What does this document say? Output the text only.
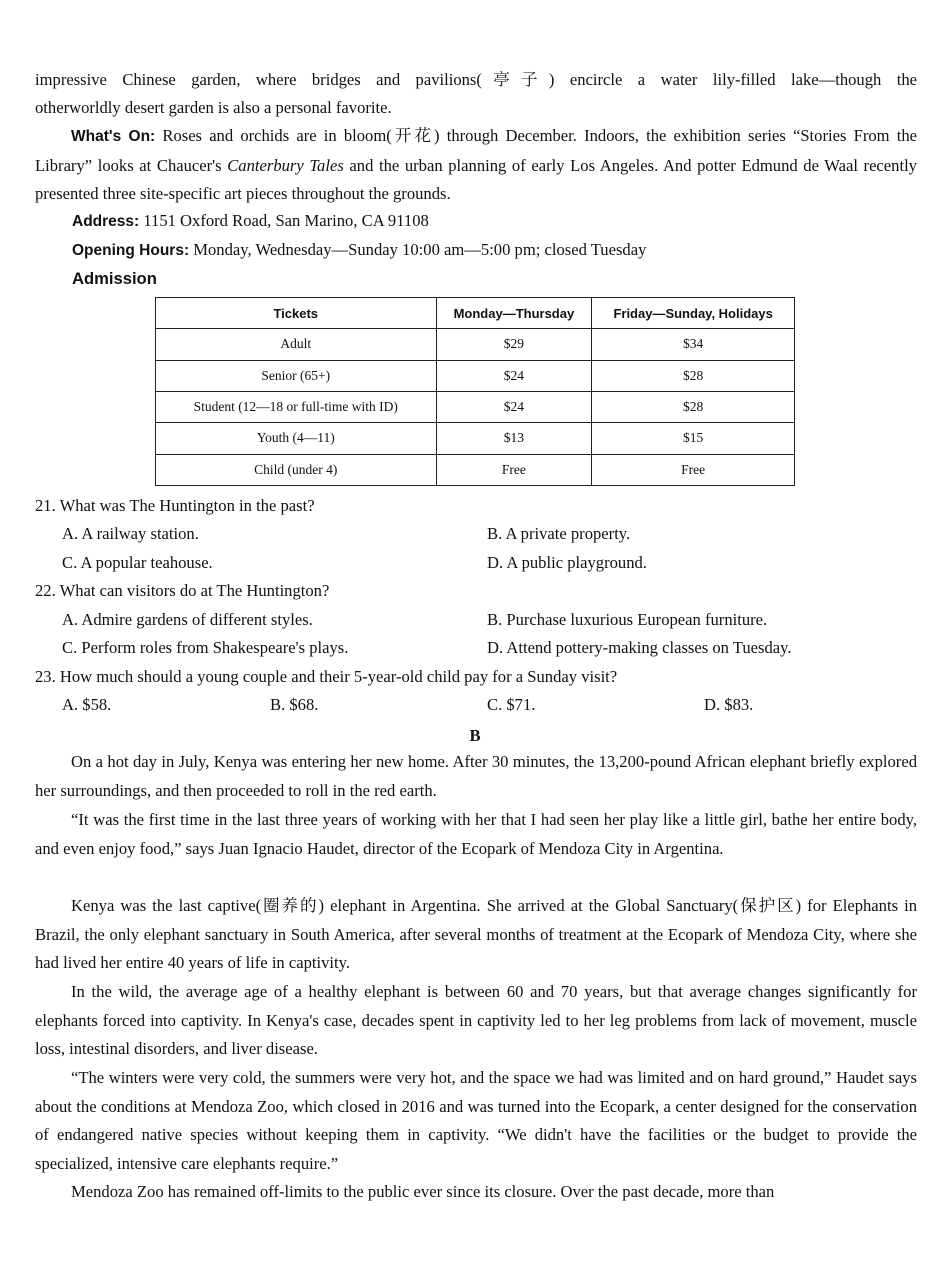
impressive Chinese garden, where bridges and pavilions(亭子) encircle a water lily-filled lake—though the

otherworldly desert garden is also a personal favorite.

What's On: Roses and orchids are in bloom(开花) through December. Indoors, the exhibition series “Stories From the Library” looks at Chaucer's Canterbury Tales and the urban planning of early Los Angeles. And potter Edmund de Waal recently presented three site-specific art pieces throughout the grounds.

Address: 1151 Oxford Road, San Marino, CA 91108

Opening Hours: Monday, Wednesday—Sunday 10:00 am—5:00 pm; closed Tuesday

Admission

Tickets	Monday—Thursday	Friday—Sunday, Holidays
Adult	$29	$34
Senior (65+)	$24	$28
Student (12—18 or full-time with ID)	$24	$28
Youth (4—11)	$13	$15
Child (under 4)	Free	Free

21. What was The Huntington in the past?

A. A railway station.	B. A private property.

C. A popular teahouse.	D. A public playground.

22. What can visitors do at The Huntington?

A. Admire gardens of different styles.	B. Purchase luxurious European furniture.

C. Perform roles from Shakespeare's plays.	D. Attend pottery-making classes on Tuesday.

23. How much should a young couple and their 5-year-old child pay for a Sunday visit?

A. $58.	B. $68.	C. $71.	D. $83.

B

On a hot day in July, Kenya was entering her new home. After 30 minutes, the 13,200-pound African elephant briefly explored her surroundings, and then proceeded to roll in the red earth.

“It was the first time in the last three years of working with her that I had seen her play like a little girl, bathe her entire body, and even enjoy food,” says Juan Ignacio Haudet, director of the Ecopark of Mendoza City in Argentina.

Kenya was the last captive(圈养的) elephant in Argentina. She arrived at the Global Sanctuary(保护区) for Elephants in Brazil, the only elephant sanctuary in South America, after several months of treatment at the Ecopark of Mendoza City, where she had lived her entire 40 years of life in captivity.

In the wild, the average age of a healthy elephant is between 60 and 70 years, but that average changes significantly for elephants forced into captivity. In Kenya's case, decades spent in captivity led to her leg problems from lack of movement, muscle loss, intestinal disorders, and liver disease.

“The winters were very cold, the summers were very hot, and the space we had was limited and on hard ground,” Haudet says about the conditions at Mendoza Zoo, which closed in 2016 and was turned into the Ecopark, a center designed for the conservation of endangered native species without keeping them in captivity. “We didn't have the facilities or the budget to provide the specialized, intensive care elephants require.”

Mendoza Zoo has remained off-limits to the public ever since its closure. Over the past decade, more than
